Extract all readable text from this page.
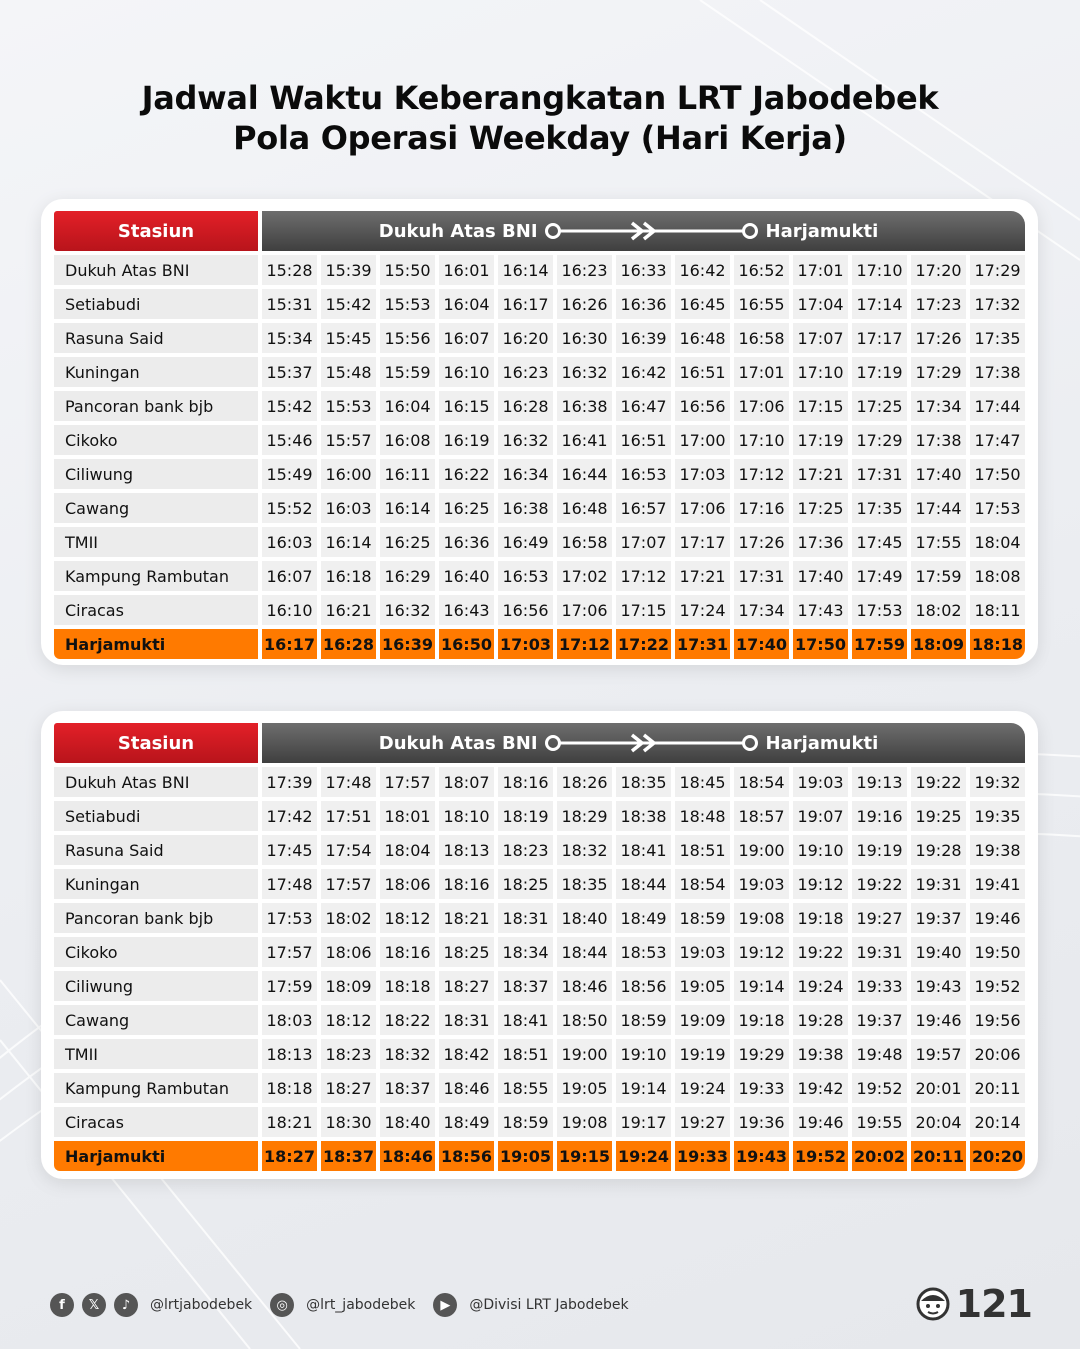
Jadwal Waktu Keberangkatan LRT Jabodebek
Pola Operasi Weekday (Hari Kerja)
Stasiun	Dukuh Atas BNI Harjamukti												

Dukuh Atas BNI	15:28	15:39	15:50	16:01	16:14	16:23	16:33	16:42	16:52	17:01	17:10	17:20	17:29
Setiabudi	15:31	15:42	15:53	16:04	16:17	16:26	16:36	16:45	16:55	17:04	17:14	17:23	17:32
Rasuna Said	15:34	15:45	15:56	16:07	16:20	16:30	16:39	16:48	16:58	17:07	17:17	17:26	17:35
Kuningan	15:37	15:48	15:59	16:10	16:23	16:32	16:42	16:51	17:01	17:10	17:19	17:29	17:38
Pancoran bank bjb	15:42	15:53	16:04	16:15	16:28	16:38	16:47	16:56	17:06	17:15	17:25	17:34	17:44
Cikoko	15:46	15:57	16:08	16:19	16:32	16:41	16:51	17:00	17:10	17:19	17:29	17:38	17:47
Ciliwung	15:49	16:00	16:11	16:22	16:34	16:44	16:53	17:03	17:12	17:21	17:31	17:40	17:50
Cawang	15:52	16:03	16:14	16:25	16:38	16:48	16:57	17:06	17:16	17:25	17:35	17:44	17:53
TMII	16:03	16:14	16:25	16:36	16:49	16:58	17:07	17:17	17:26	17:36	17:45	17:55	18:04
Kampung Rambutan	16:07	16:18	16:29	16:40	16:53	17:02	17:12	17:21	17:31	17:40	17:49	17:59	18:08
Ciracas	16:10	16:21	16:32	16:43	16:56	17:06	17:15	17:24	17:34	17:43	17:53	18:02	18:11
Harjamukti	16:17	16:28	16:39	16:50	17:03	17:12	17:22	17:31	17:40	17:50	17:59	18:09	18:18
Stasiun	Dukuh Atas BNI Harjamukti												

Dukuh Atas BNI	17:39	17:48	17:57	18:07	18:16	18:26	18:35	18:45	18:54	19:03	19:13	19:22	19:32
Setiabudi	17:42	17:51	18:01	18:10	18:19	18:29	18:38	18:48	18:57	19:07	19:16	19:25	19:35
Rasuna Said	17:45	17:54	18:04	18:13	18:23	18:32	18:41	18:51	19:00	19:10	19:19	19:28	19:38
Kuningan	17:48	17:57	18:06	18:16	18:25	18:35	18:44	18:54	19:03	19:12	19:22	19:31	19:41
Pancoran bank bjb	17:53	18:02	18:12	18:21	18:31	18:40	18:49	18:59	19:08	19:18	19:27	19:37	19:46
Cikoko	17:57	18:06	18:16	18:25	18:34	18:44	18:53	19:03	19:12	19:22	19:31	19:40	19:50
Ciliwung	17:59	18:09	18:18	18:27	18:37	18:46	18:56	19:05	19:14	19:24	19:33	19:43	19:52
Cawang	18:03	18:12	18:22	18:31	18:41	18:50	18:59	19:09	19:18	19:28	19:37	19:46	19:56
TMII	18:13	18:23	18:32	18:42	18:51	19:00	19:10	19:19	19:29	19:38	19:48	19:57	20:06
Kampung Rambutan	18:18	18:27	18:37	18:46	18:55	19:05	19:14	19:24	19:33	19:42	19:52	20:01	20:11
Ciracas	18:21	18:30	18:40	18:49	18:59	19:08	19:17	19:27	19:36	19:46	19:55	20:04	20:14
Harjamukti	18:27	18:37	18:46	18:56	19:05	19:15	19:24	19:33	19:43	19:52	20:02	20:11	20:20
f	𝕏	♪	@lrtjabodebek	◎	@lrt_jabodebek	▶	@Divisi LRT Jabodebek	121
